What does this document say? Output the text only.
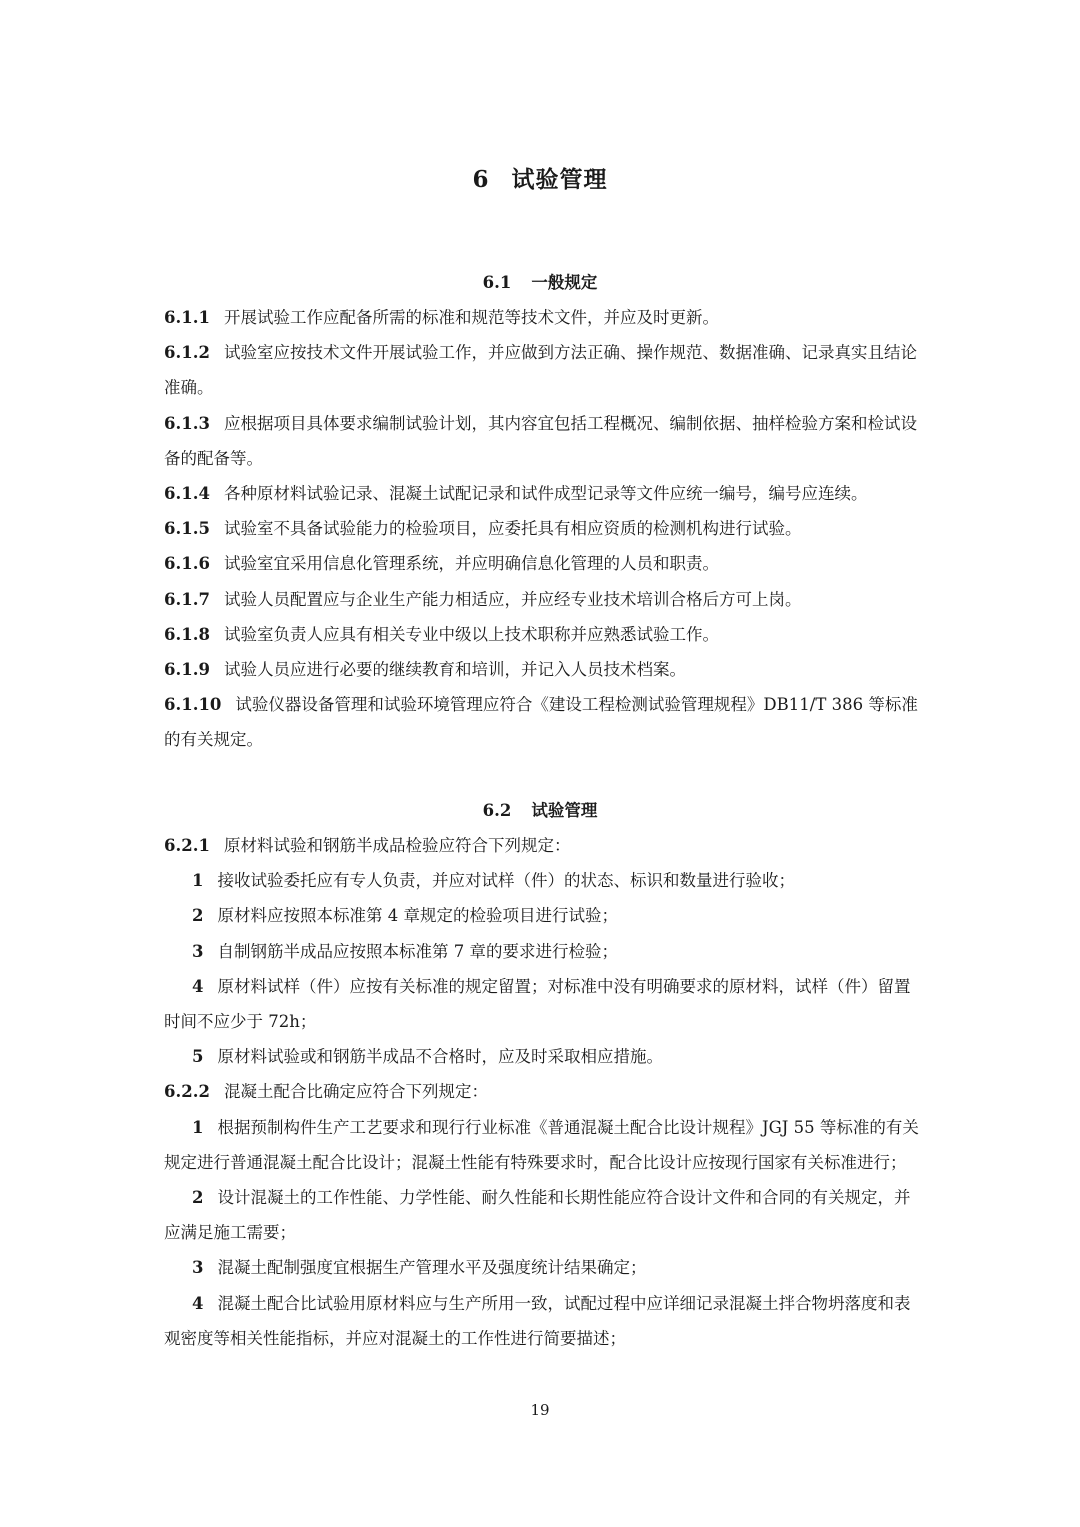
6 试验管理
6.1 一般规定

6.1.1 开展试验工作应配备所需的标准和规范等技术文件，并应及时更新。

6.1.2 试验室应按技术文件开展试验工作，并应做到方法正确、操作规范、数据准确、记录真实且结论准确。

6.1.3 应根据项目具体要求编制试验计划，其内容宜包括工程概况、编制依据、抽样检验方案和检试设备的配备等。

6.1.4 各种原材料试验记录、混凝土试配记录和试件成型记录等文件应统一编号，编号应连续。

6.1.5 试验室不具备试验能力的检验项目，应委托具有相应资质的检测机构进行试验。

6.1.6 试验室宜采用信息化管理系统，并应明确信息化管理的人员和职责。

6.1.7 试验人员配置应与企业生产能力相适应，并应经专业技术培训合格后方可上岗。

6.1.8 试验室负责人应具有相关专业中级以上技术职称并应熟悉试验工作。

6.1.9 试验人员应进行必要的继续教育和培训，并记入人员技术档案。

6.1.10 试验仪器设备管理和试验环境管理应符合《建设工程检测试验管理规程》DB11/T 386 等标准的有关规定。

6.2 试验管理

6.2.1 原材料试验和钢筋半成品检验应符合下列规定：

1 接收试验委托应有专人负责，并应对试样（件）的状态、标识和数量进行验收；

2 原材料应按照本标准第 4 章规定的检验项目进行试验；

3 自制钢筋半成品应按照本标准第 7 章的要求进行检验；

4 原材料试样（件）应按有关标准的规定留置；对标准中没有明确要求的原材料，试样（件）留置时间不应少于 72h；

5 原材料试验或和钢筋半成品不合格时，应及时采取相应措施。

6.2.2 混凝土配合比确定应符合下列规定：

1 根据预制构件生产工艺要求和现行行业标准《普通混凝土配合比设计规程》JGJ 55 等标准的有关规定进行普通混凝土配合比设计；混凝土性能有特殊要求时，配合比设计应按现行国家有关标准进行；

2 设计混凝土的工作性能、力学性能、耐久性能和长期性能应符合设计文件和合同的有关规定，并应满足施工需要；

3 混凝土配制强度宜根据生产管理水平及强度统计结果确定；

4 混凝土配合比试验用原材料应与生产所用一致，试配过程中应详细记录混凝土拌合物坍落度和表观密度等相关性能指标，并应对混凝土的工作性进行简要描述；

19
